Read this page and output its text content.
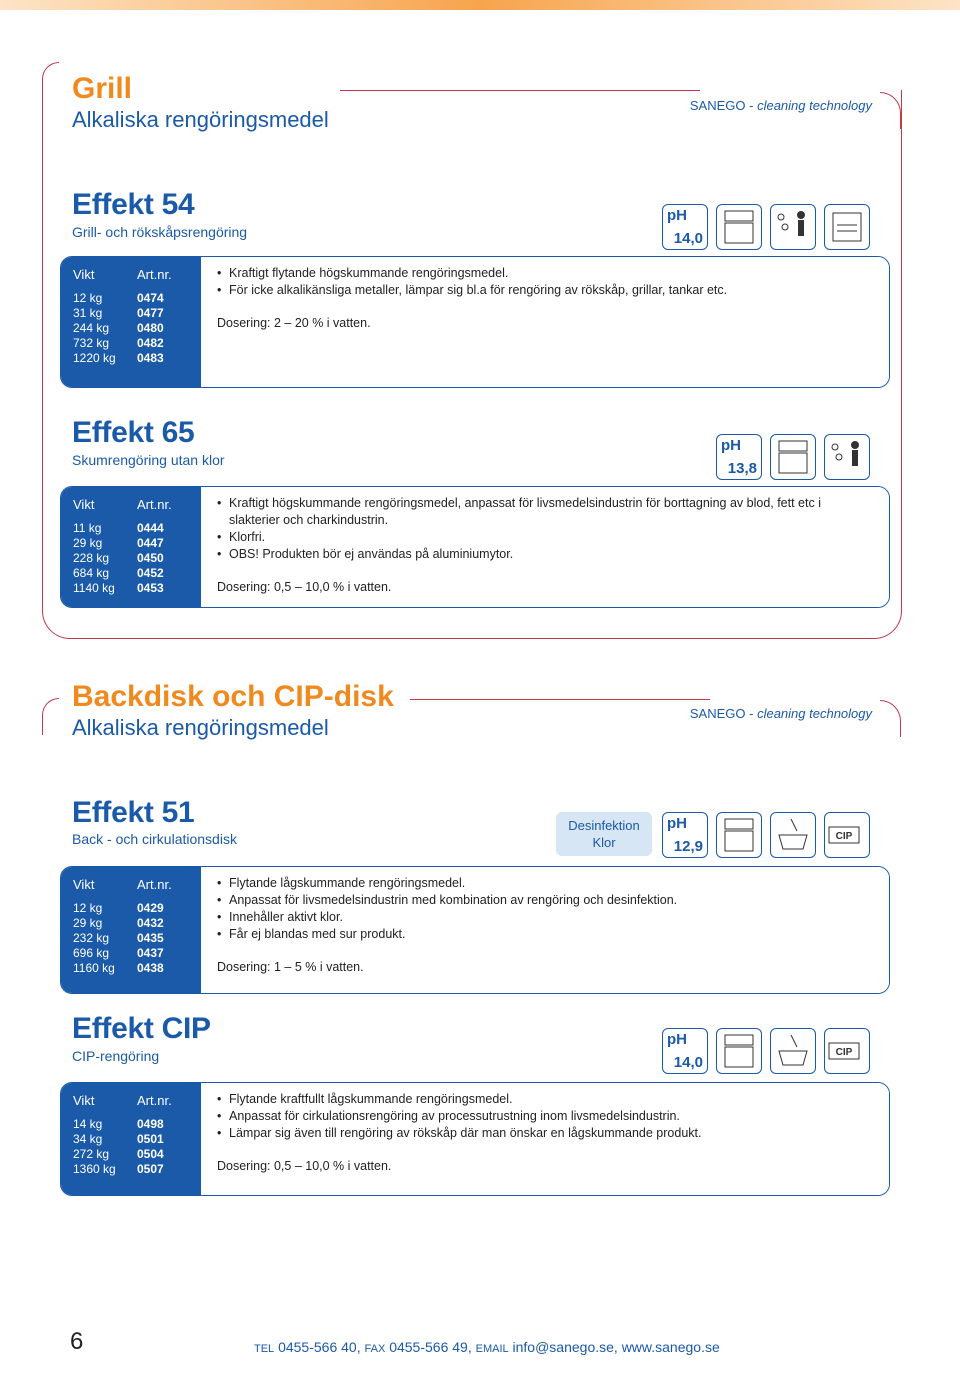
Grill
Alkaliska rengöringsmedel
SANEGO - cleaning technology
Effekt 54
Grill- och rökskåpsrengöring
pH
14,0
Vikt	Art.nr.
12 kg	0474
31 kg	0477
244 kg	0480
732 kg	0482
1220 kg	0483
• Kraftigt flytande högskummande rengöringsmedel.
• För icke alkalikänsliga metaller, lämpar sig bl.a för rengöring av rökskåp, grillar, tankar etc.
Dosering: 2 – 20 % i vatten.
Effekt 65
Skumrengöring utan klor
pH
13,8
Vikt	Art.nr.
11 kg	0444
29 kg	0447
228 kg	0450
684 kg	0452
1140 kg	0453
• Kraftigt högskummande rengöringsmedel, anpassat för livsmedelsindustrin för borttagning av blod, fett etc i slakterier och charkindustrin.
• Klorfri.
• OBS! Produkten bör ej användas på aluminiumytor.
Dosering: 0,5 – 10,0 % i vatten.
Backdisk och CIP-disk
Alkaliska rengöringsmedel
SANEGO - cleaning technology
Effekt 51
Back - och cirkulationsdisk
Desinfektion
Klor
pH
12,9
CIP
Vikt	Art.nr.
12 kg	0429
29 kg	0432
232 kg	0435
696 kg	0437
1160 kg	0438
• Flytande lågskummande rengöringsmedel.
• Anpassat för livsmedelsindustrin med kombination av rengöring och desinfektion.
• Innehåller aktivt klor.
• Får ej blandas med sur produkt.
Dosering: 1 – 5 % i vatten.
Effekt CIP
CIP-rengöring
pH
14,0
CIP
Vikt	Art.nr.
14 kg	0498
34 kg	0501
272 kg	0504
1360 kg	0507
• Flytande kraftfullt lågskummande rengöringsmedel.
• Anpassat för cirkulationsrengöring av processutrustning inom livsmedelsindustrin.
• Lämpar sig även till rengöring av rökskåp där man önskar en lågskummande produkt.
Dosering: 0,5 – 10,0 % i vatten.
6	TEL 0455-566 40, FAX 0455-566 49, EMAIL info@sanego.se, www.sanego.se
